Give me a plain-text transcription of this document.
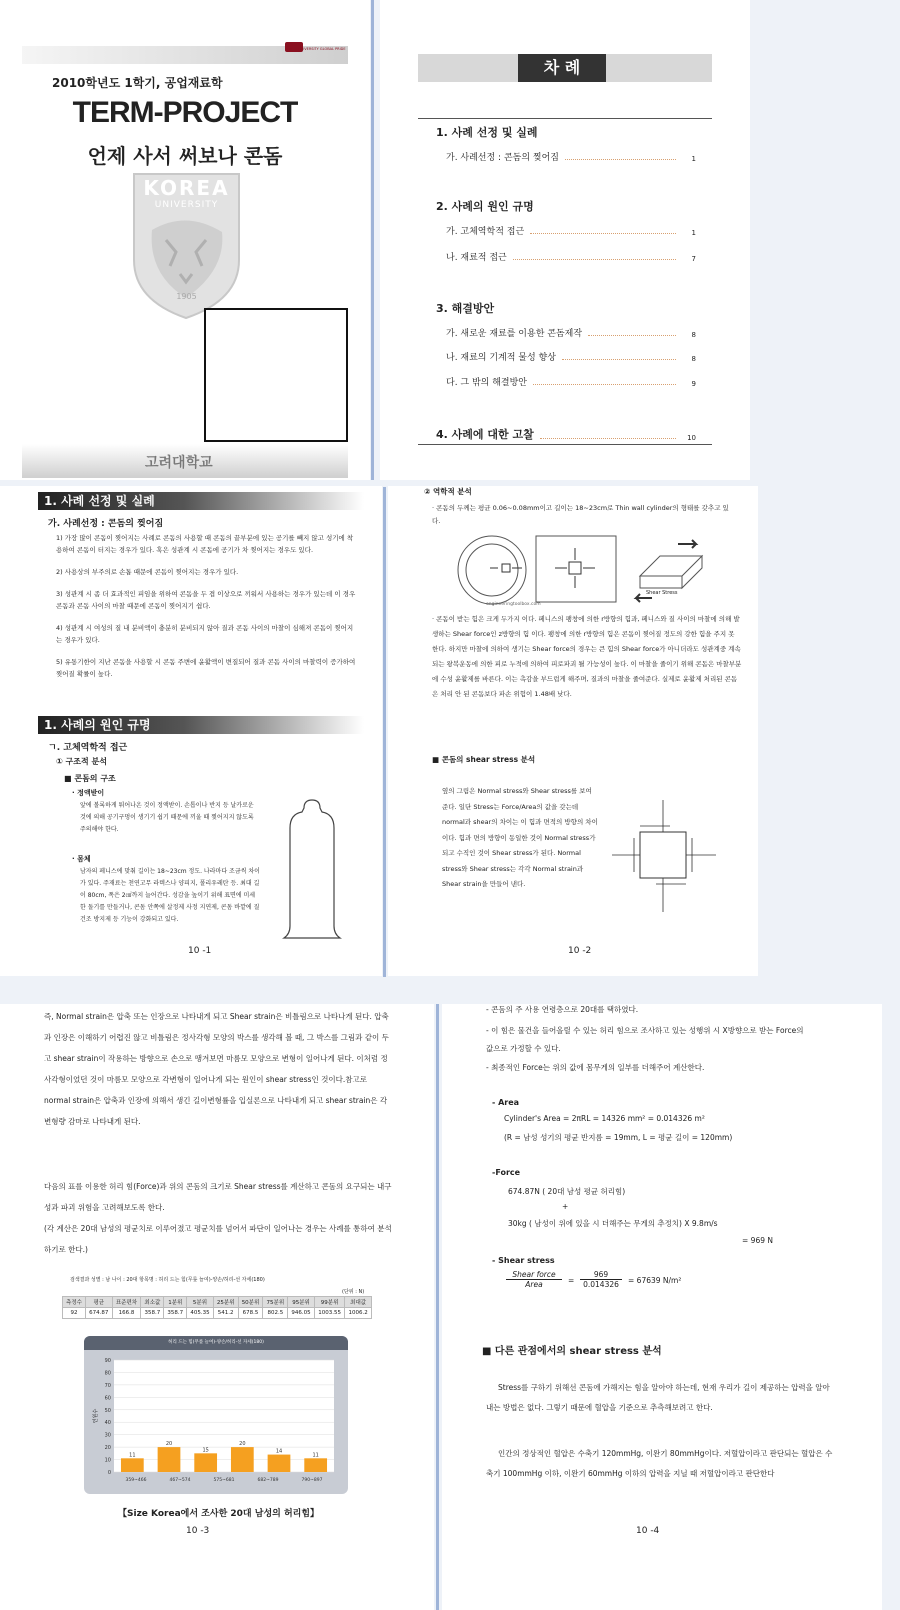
KOREA UNIVERSITY GLOBAL PRIDE
2010학년도 1학기, 공업재료학
TERM-PROJECT
언제 사서 써보나 콘돔
KOREA
UNIVERSITY
1905
고려대학교
차 례
1. 사례 선정 및 실례
가. 사례선정 : 콘돔의 찢어짐	1
2. 사례의 원인 규명
가. 고체역학적 접근	1
나. 재료적 접근	7
3. 해결방안
가. 새로운 재료를 이용한 콘돔제작	8
나. 재료의 기계적 물성 향상	8
다. 그 밖의 해결방안	9
4. 사례에 대한 고찰	10
1. 사례 선정 및 실례
가. 사례선정 : 콘돔의 찢어짐
1) 가장 많이 콘돔이 찢어지는 사례로 콘돔의 사용할 때 콘돔의 끝부분에 있는 공기를 빼지 않고 성기에 착용하여 콘돔이 터지는 경우가 있다. 혹은 성관계 시 콘돔에 공기가 차 찢어지는 경우도 있다.
2) 사용상의 부주의로 손톱 때문에 콘돔이 찢어지는 경우가 있다.
3) 성관계 시 좀 더 효과적인 피임을 위하여 콘돔을 두 겹 이상으로 끼워서 사용하는 경우가 있는데 이 경우 콘돔과 콘돔 사이의 마찰 때문에 콘돔이 찢어지기 쉽다.
4) 성관계 시 여성의 질 내 분비액이 충분히 분비되지 않아 질과 콘돔 사이의 마찰이 심해져 콘돔이 찢어지는 경우가 있다.
5) 유통기한이 지난 콘돔을 사용할 시 콘돔 주변에 윤활액이 변질되어 질과 콘돔 사이의 마찰력이 증가하여 찢어질 확률이 높다.
1. 사례의 원인 규명
ㄱ. 고체역학적 접근
① 구조적 분석
■ 콘돔의 구조
· 정액받이
앞에 볼록하게 튀어나온 것이 정액받이. 손톱이나 반지 등 날카로운 것에 의해 공기구멍이 생기기 쉽기 때문에 끼울 때 찢어지지 않도록 주의해야 한다.
· 몸체
남자의 페니스에 맞춰 길이는 18~23cm 정도. 나라마다 조금씩 차이가 있다. 주재료는 천연고무 라텍스나 양피지, 폴리우레탄 등. 최대 길이 80cm, 폭은 2㎠까지 늘어간다. 성감을 높이기 위해 표면에 미세한 돌기를 만들거나, 콘돔 안쪽에 살정제 사정 지연제, 콘돔 바깥에 질 건조 방지제 등 기능이 강화되고 있다.
10 -1
② 역학적 분석
· 콘돔의 두께는 평균 0.06~0.08mm이고 길이는 18~23cm로 Thin wall cylinder의 형태를 갖추고 있다.
engineeringtoolbox.com
Shear Stress
· 콘돔이 받는 힘은 크게 두가지 이다. 페니스의 팽창에 의한 r방향의 힘과, 페니스와 질 사이의 마찰에 의해 발생하는 Shear force인 z방향의 힘 이다. 팽창에 의한 r방향의 힘은 콘돔이 찢어질 정도의 강한 힘을 주지 못 한다. 하지만 마찰에 의하여 생기는 Shear force의 경우는 큰 힘의 Shear force가 아니더라도 성관계중 계속되는 왕복운동에 의한 피로 누적에 의하여 피로파괴 될 가능성이 높다. 이 마찰을 줄이기 위해 콘돔은 마찰부분에 수성 윤활제를 바른다. 이는 촉감을 부드럽게 해주며, 질과의 마찰을 줄여준다. 실제로 윤활제 처리된 콘돔은 처리 안 된 콘돔보다 파손 위험이 1.48배 낮다.
■ 콘돔의 shear stress 분석
옆의 그림은 Normal stress와 Shear stress를 보여준다. 일단 Stress는 Force/Area의 값을 갖는데 normal과 shear의 차이는 이 힘과 면적의 방향의 차이이다. 힘과 면의 방향이 동일한 것이 Normal stress가 되고 수직인 것이 Shear stress가 된다. Normal stress와 Shear stress는 각각 Normal strain과 Shear strain을 만들어 낸다.
10 -2
즉, Normal strain은 압축 또는 인장으로 나타내게 되고 Shear strain은 비틀림으로 나타나게 된다. 압축과 인장은 이해하기 어렵진 않고 비틀림은 정사각형 모양의 박스를 생각해 볼 때, 그 박스를 그림과 같이 두고 shear strain이 작용하는 방향으로 손으로 땡겨보면 마름모 모양으로 변형이 일어나게 된다. 이처럼 정사각형이었던 것이 마름모 모양으로 각변형이 일어나게 되는 원인이 shear stress인 것이다.참고로 normal strain은 압축과 인장에 의해서 생긴 길이변형률을 입실론으로 나타내게 되고 shear strain은 각변형량 감마로 나타내게 된다.
다음의 표를 이용한 허리 힘(Force)과 위의 콘돔의 크기로 Shear stress를 계산하고 콘돔의 요구되는 내구성과 파괴 위험을 고려해보도록 한다.
(각 계산은 20대 남성의 평균치로 이루어졌고 평균치를 넘어서 파단이 일어나는 경우는 사례를 통하여 분석하기로 한다.)
검색결과 성별 : 남 나이 : 20대 항목명 : 허리 드는 힘(무릎 늘여)-양손/허리-선 자세(180)
(단위 : N)
측정수	평균	표준편차	최소값	1분위	5분위	25분위	50분위	75분위	95분위	99분위	최대값
92	674.87	166.8	358.7	358.7	405.35	541.2	678.5	802.5	946.05	1003.55	1006.2
허리 드는 힘(무릎 늘여)-양손/허리-선 자세(180)
0
10
20
30
40
50
60
70
80
90
인원수
11
20
15
20
14
11
359~466	467~574	575~681	682~789	790~897
【Size Korea에서 조사한 20대 남성의 허리힘】
10 -3
- 콘돔의 주 사용 연령층으로 20대를 택하였다.
- 이 힘은 물건을 들어올릴 수 있는 허리 힘으로 조사하고 있는 성행위 시 X방향으로 받는 Force의 값으로 가정할 수 있다.
- 최종적인 Force는 위의 값에 몸무게의 일부를 더해주어 계산한다.
- Area
Cylinder's Area = 2πRL = 14326 mm² = 0.014326 m²
(R = 남성 성기의 평균 반지름 = 19mm, L = 평균 길이 = 120mm)
-Force
674.87N ( 20대 남성 평균 허리힘)
+
30kg ( 남성이 위에 있을 시 더해주는 무게의 추정치) X 9.8m/s
= 969 N
- Shear stress
Shear force
Area	= $\frac{969}{0.014326} = 67639$ N/m²
■ 다른 관점에서의 shear stress 분석
Stress를 구하기 위해선 콘돔에 가해지는 힘을 알아야 하는데, 현재 우리가 길이 제공하는 압력을 알아내는 방법은 없다. 그렇기 때문에 혈압을 기준으로 추측해보려고 한다.
인간의 정상적인 혈압은 수축기 120mmHg, 이완기 80mmHg이다. 저혈압이라고 판단되는 혈압은 수축기 100mmHg 이하, 이완기 60mmHg 이하의 압력을 지닐 때 저혈압이라고 판단한다
10 -4
